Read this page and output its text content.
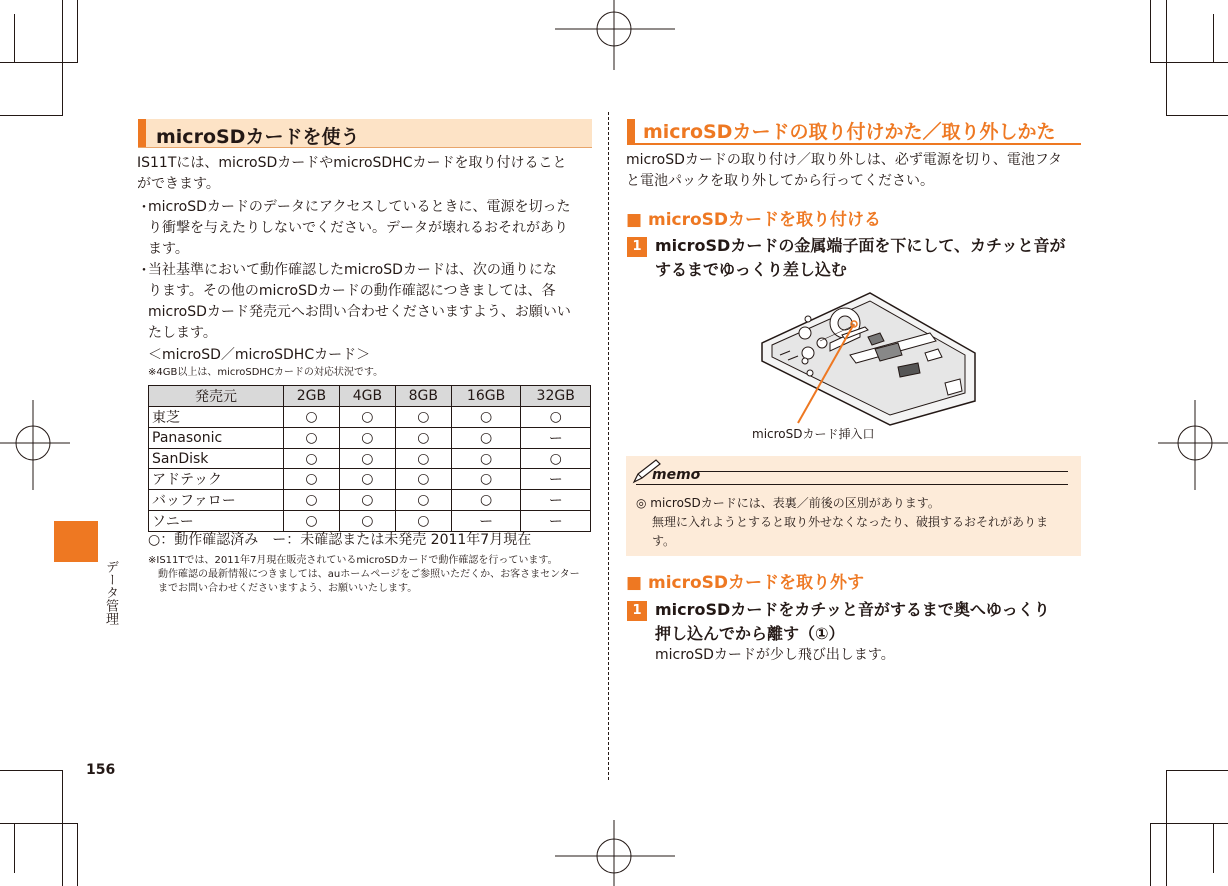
microSDカードを使う
IS11Tには、microSDカードやmicroSDHCカードを取り付けること
ができます。
・
microSDカードのデータにアクセスしているときに、電源を切った
り衝撃を与えたりしないでください。データが壊れるおそれがあり
ます。
・
当社基準において動作確認したmicroSDカードは、次の通りにな
ります。その他のmicroSDカードの動作確認につきましては、各
microSDカード発売元へお問い合わせくださいますよう、お願いい
たします。
＜microSD／microSDHCカード＞
※4GB以上は、microSDHCカードの対応状況です。
発売元	2GB	4GB	8GB	16GB	32GB
東芝	○	○	○	○	○
Panasonic	○	○	○	○	ー
SanDisk	○	○	○	○	○
アドテック	○	○	○	○	ー
バッファロー	○	○	○	○	ー
ソニー	○	○	○	ー	ー
○：動作確認済み　ー：未確認または未発売 2011年7月現在
※IS11Tでは、2011年7月現在販売されているmicroSDカードで動作確認を行っています。
動作確認の最新情報につきましては、auホームページをご参照いただくか、お客さまセンター
までお問い合わせくださいますよう、お願いいたします。
データ管理
156
microSDカードの取り付けかた／取り外しかた
microSDカードの取り付け／取り外しは、必ず電源を切り、電池フタ
と電池パックを取り外してから行ってください。
■ microSDカードを取り付ける
1 microSDカードの金属端子面を下にして、カチッと音が
するまでゆっくり差し込む
microSDカード挿入口
memo
◎ microSDカードには、表裏／前後の区別があります。
無理に入れようとすると取り外せなくなったり、破損するおそれがありま
す。
■ microSDカードを取り外す
1 microSDカードをカチッと音がするまで奥へゆっくり
押し込んでから離す（①）
microSDカードが少し飛び出します。
